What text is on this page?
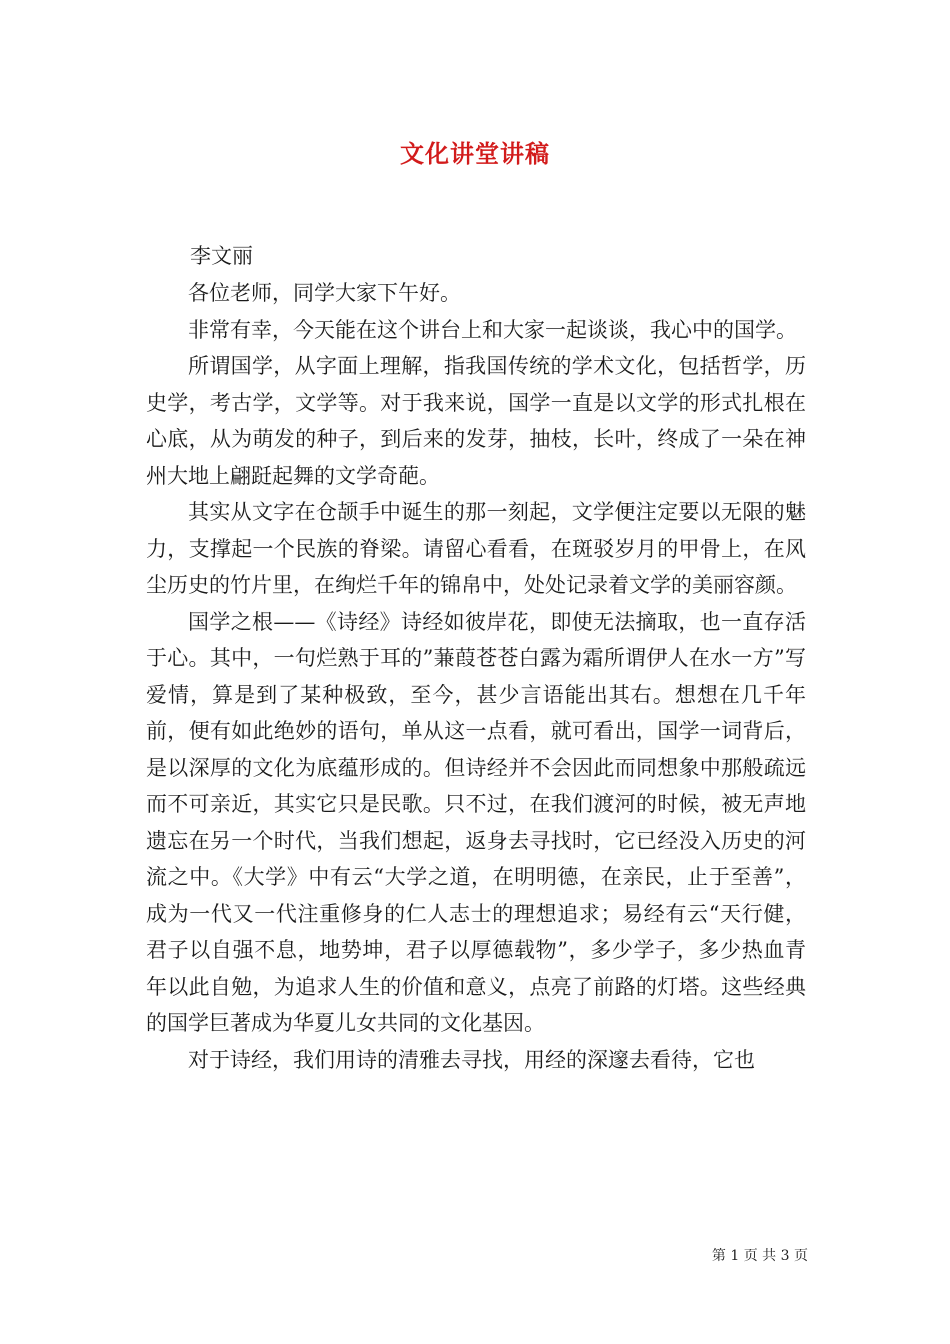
文化讲堂讲稿
李文丽

各位老师，同学大家下午好。

非常有幸，今天能在这个讲台上和大家一起谈谈，我心中的国学。

所谓国学，从字面上理解，指我国传统的学术文化，包括哲学，历史学，考古学，文学等。对于我来说，国学一直是以文学的形式扎根在心底，从为萌发的种子，到后来的发芽，抽枝，长叶，终成了一朵在神州大地上翩跹起舞的文学奇葩。

其实从文字在仓颉手中诞生的那一刻起，文学便注定要以无限的魅力，支撑起一个民族的脊梁。请留心看看，在斑驳岁月的甲骨上，在风尘历史的竹片里，在绚烂千年的锦帛中，处处记录着文学的美丽容颜。

国学之根——《诗经》诗经如彼岸花，即使无法摘取，也一直存活于心。其中，一句烂熟于耳的”蒹葭苍苍白露为霜所谓伊人在水一方”写爱情，算是到了某种极致，至今，甚少言语能出其右。想想在几千年前，便有如此绝妙的语句，单从这一点看，就可看出，国学一词背后，是以深厚的文化为底蕴形成的。但诗经并不会因此而同想象中那般疏远而不可亲近，其实它只是民歌。只不过，在我们渡河的时候，被无声地遗忘在另一个时代，当我们想起，返身去寻找时，它已经没入历史的河流之中。《大学》中有云“大学之道，在明明德，在亲民，止于至善”，成为一代又一代注重修身的仁人志士的理想追求；易经有云“天行健，君子以自强不息，地势坤，君子以厚德载物”，多少学子，多少热血青年以此自勉，为追求人生的价值和意义，点亮了前路的灯塔。这些经典的国学巨著成为华夏儿女共同的文化基因。

对于诗经，我们用诗的清雅去寻找，用经的深邃去看待，它也

第 1 页 共 3 页
